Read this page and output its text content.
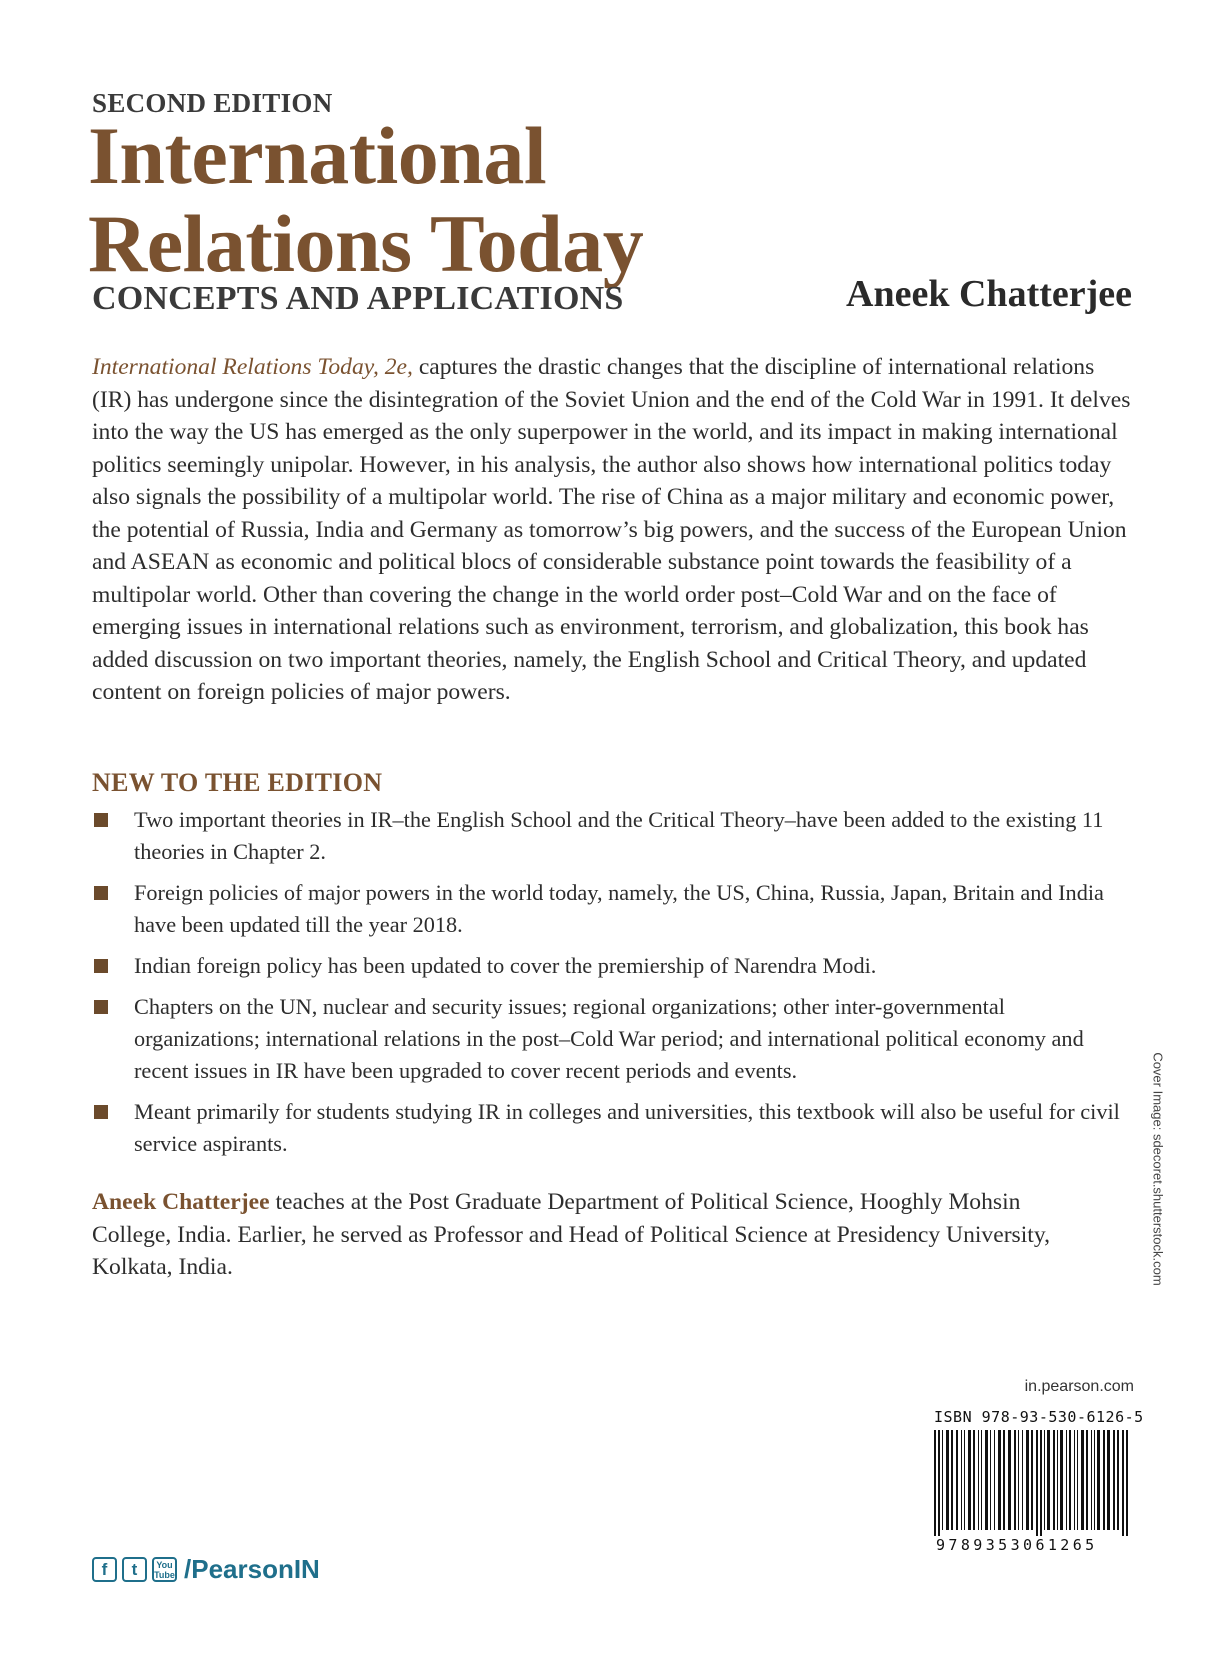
SECOND EDITION
International
Relations Today
CONCEPTS AND APPLICATIONS	Aneek Chatterjee
International Relations Today, 2e, captures the drastic changes that the discipline of international relations (IR) has undergone since the disintegration of the Soviet Union and the end of the Cold War in 1991. It delves into the way the US has emerged as the only superpower in the world, and its impact in making international politics seemingly unipolar. However, in his analysis, the author also shows how international politics today also signals the possibility of a multipolar world. The rise of China as a major military and economic power, the potential of Russia, India and Germany as tomorrow’s big powers, and the success of the European Union and ASEAN as economic and political blocs of considerable substance point towards the feasibility of a multipolar world. Other than covering the change in the world order post–Cold War and on the face of emerging issues in international relations such as environment, terrorism, and globalization, this book has added discussion on two important theories, namely, the English School and Critical Theory, and updated content on foreign policies of major powers.
NEW TO THE EDITION
Two important theories in IR–the English School and the Critical Theory–have been added to the existing 11 theories in Chapter 2.
Foreign policies of major powers in the world today, namely, the US, China, Russia, Japan, Britain and India have been updated till the year 2018.
Indian foreign policy has been updated to cover the premiership of Narendra Modi.
Chapters on the UN, nuclear and security issues; regional organizations; other inter-governmental organizations; international relations in the post–Cold War period; and international political economy and recent issues in IR have been upgraded to cover recent periods and events.
Meant primarily for students studying IR in colleges and universities, this textbook will also be useful for civil service aspirants.
Aneek Chatterjee teaches at the Post Graduate Department of Political Science, Hooghly Mohsin College, India. Earlier, he served as Professor and Head of Political Science at Presidency University, Kolkata, India.	Cover Image: sdecoret.shutterstock.com
in.pearson.com
ISBN 978-93-530-6126-5
9789353061265
f	t	You Tube /PearsonIN
